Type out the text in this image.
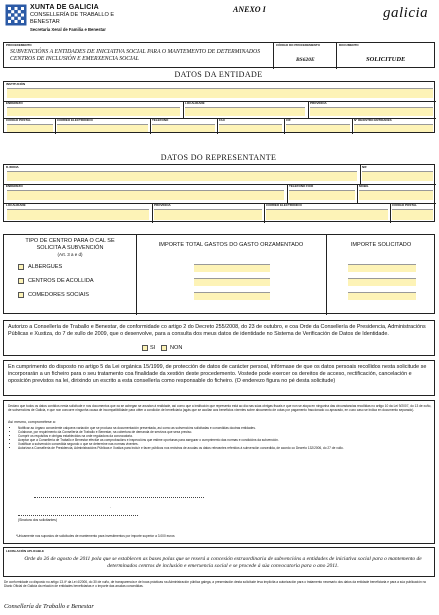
XUNTA DE GALICIA
CONSELLERÍA DE TRABALLO E
BENESTAR
Secretaría Xeral de Familia e Benestar
ANEXO I	galicia
PROCEDEMENTO
SUBVENCIÓNS A ENTIDADES DE INICIATIVA SOCIAL PARA O MANTEMENTO DE DETERMINADOS CENTROS DE INCLUSIÓN E EMERXENCIA SOCIAL
CÓDIGO DO PROCEDEMENTO
BS620E
DOCUMENTO
SOLICITUDE
DATOS DA ENTIDADE
INSTITUCIÓN
ENDEREZO	LOCALIDADE	PROVINCIA
CÓDIGO POSTAL	CORREO ELECTRÓNICO	TELÉFONO	FAX	CIF	Nº REXISTRO ENTIDADES
DATOS DO REPRESENTANTE
D./DONA	NIF
ENDEREZO	TELÉFONO FIXO	MÓBIL
LOCALIDADE	PROVINCIA	CORREO ELECTRÓNICO	CÓDIGO POSTAL
TIPO DE CENTRO PARA O CAL SE
SOLICITA A SUBVENCIÓN
(Art. 3 a e d)
ALBERGUES
CENTROS DE ACOLLIDA
COMEDORES SOCIAIS
IMPORTE TOTAL GASTOS DO GASTO ORZAMENTADO	IMPORTE SOLICITADO
Autorizo a Consellería de Traballo e Benestar, de conformidade co artigo 2 do Decreto 255/2008, do 23 de outubro, e coa Orde da Consellería de Presidencia, Administracións Públicas e Xustiza, do 7 de xullo de 2009, que o desenvolve, para a consulta dos meus datos de identidade no Sistema de Verificación de Datos de Identidade.
SI	NON
En cumprimento do disposto no artigo 5 da Lei orgánica 15/1999, de protección de datos de carácter persoal, infórmase de que os datos persoais recollidos nesta solicitude se incorporarán a un ficheiro para o seu tratamento coa finalidade da xestión deste procedemento. Vostede pode exercer os dereitos de acceso, rectificación, cancelación e oposición previstos na lei, dirixindo un escrito a esta consellería como responsable do ficheiro. (O enderezo figura no pé desta solicitude)
Declaro que todos os datos contidos nesta solicitude e nos documentos que xa se achegan se axustan á realidade, así como que a institución que represento está ao día nas súas obrigas fiscais e que non se atopa en ningunha das circunstancias recollidas no artigo 10 da Lei 9/2007, do 13 de xuño, de subvencións de Galicia, e que non concorre ningunha causa de incompatibilidade para obter a condición de beneficiaria (agás que se acollan aos beneficios vixentes sobre aboamento de cotas por pagamento fraccionado ou aprazado, en cuxo caso se indica en documento separado).
Así mesmo, comprométese a:
• Notificar ao órgano concedente calquera variación que se produza na documentación presentada, así como as subvencións solicitadas e concedidas doutras entidades.
• Colaborar, por requirimento da Consellería de Traballo e Benestar, na cobertura de demanda de servizos que sexa preciso.
• Cumprir os requisitos e obrigas establecidos na orde reguladora da convocatoria.
• Aceptar que a Consellería de Traballo e Benestar efectúe as comprobacións e inspeccións que estime oportunas para asegurar o cumprimento das normas e condicións da subvención.
• Xustificar a subvención concedida segundo o que se determine nas normas vixentes.
• Autorizar a Consellería de Presidencia, Administracións Públicas e Xustiza para incluír e facer públicos nos rexistros de axudas os datos relevantes referidos á subvención concedida, de acordo co Decreto 132/2006, do 27 de xullo.
.
(Sinatura dos solicitantes)
*Unicamente nos supostos de solicitudes de mantemento para investimentos por importe superior a 3.000 euros
LEXISLACIÓN APLICABLE
Orde do 26 de agosto de 2011 pola que se establecen as bases polas que se rexerá a concesión extraordinaria de subvencións a entidades de iniciativa social para o mantemento de determinados centros de inclusión e emerxencia social e se procede á súa convocatoria para o ano 2011.
De conformidade co disposto no artigo 13.4º da Lei 4/2006, do 30 de xuño, de transparencia e de boas prácticas na Administración pública galega, a presentación desta solicitude leva implícita a autorización para o tratamento necesario dos datos da entidade beneficiaria e para a súa publicación no Diario Oficial de Galicia da relación de entidades beneficiarias e o importe das axudas concedidas.
Consellería de Traballo e Benestar
